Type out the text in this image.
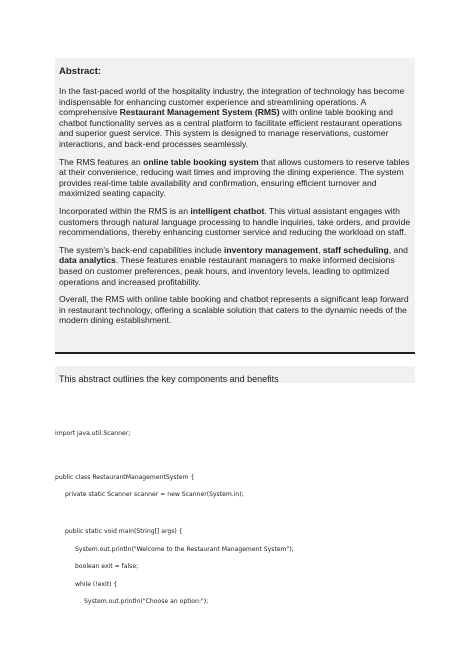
Abstract:

In the fast-paced world of the hospitality industry, the integration of technology has become indispensable for enhancing customer experience and streamlining operations. A comprehensive Restaurant Management System (RMS) with online table booking and chatbot functionality serves as a central platform to facilitate efficient restaurant operations and superior guest service. This system is designed to manage reservations, customer interactions, and back-end processes seamlessly.

The RMS features an online table booking system that allows customers to reserve tables at their convenience, reducing wait times and improving the dining experience. The system provides real-time table availability and confirmation, ensuring efficient turnover and maximized seating capacity.

Incorporated within the RMS is an intelligent chatbot. This virtual assistant engages with customers through natural language processing to handle inquiries, take orders, and provide recommendations, thereby enhancing customer service and reducing the workload on staff.

The system's back-end capabilities include inventory management, staff scheduling, and data analytics. These features enable restaurant managers to make informed decisions based on customer preferences, peak hours, and inventory levels, leading to optimized operations and increased profitability.

Overall, the RMS with online table booking and chatbot represents a significant leap forward in restaurant technology, offering a scalable solution that caters to the dynamic needs of the modern dining establishment.

This abstract outlines the key components and benefits
import java.util.Scanner;
public class RestaurantManagementSystem {
private static Scanner scanner = new Scanner(System.in);
public static void main(String[] args) {
System.out.println("Welcome to the Restaurant Management System");
boolean exit = false;
while (!exit) {
System.out.println("Choose an option:");
